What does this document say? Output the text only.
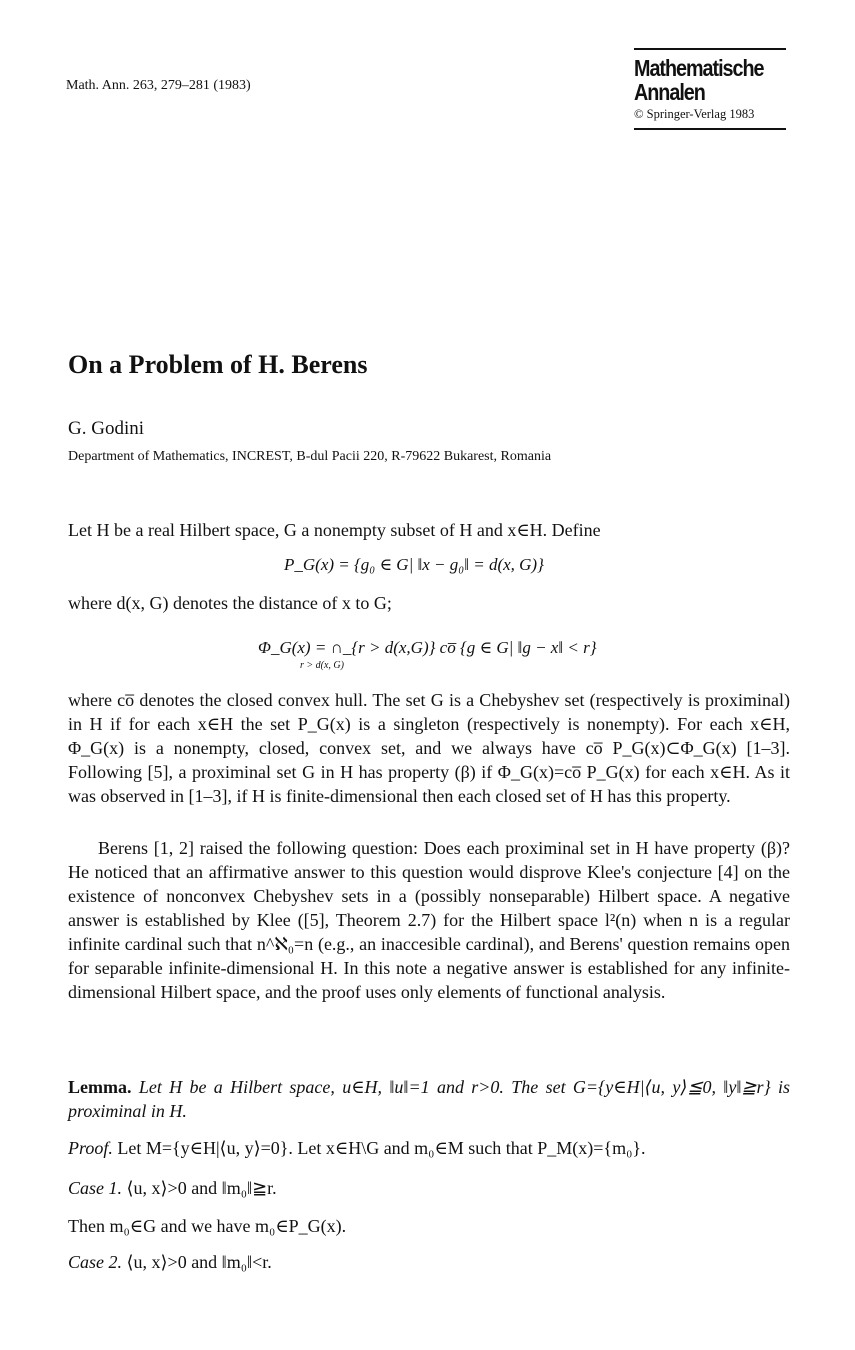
Math. Ann. 263, 279–281 (1983)
Mathematische
Annalen
© Springer-Verlag 1983
On a Problem of H. Berens
G. Godini
Department of Mathematics, INCREST, B-dul Pacii 220, R-79622 Bukarest, Romania
Let H be a real Hilbert space, G a nonempty subset of H and x∈H. Define
P_G(x) = {g₀ ∈ G| ‖x − g₀‖ = d(x, G)}
where d(x, G) denotes the distance of x to G;
Φ_G(x) = ∩_{r > d(x,G)} co̅ {g ∈ G| ‖g − x‖ < r}
r > d(x, G)

where co̅ denotes the closed convex hull. The set G is a Chebyshev set (respectively is proximinal) in H if for each x∈H the set P_G(x) is a singleton (respectively is nonempty). For each x∈H, Φ_G(x) is a nonempty, closed, convex set, and we always have co̅ P_G(x)⊂Φ_G(x) [1–3]. Following [5], a proximinal set G in H has property (β) if Φ_G(x)=co̅ P_G(x) for each x∈H. As it was observed in [1–3], if H is finite-dimensional then each closed set of H has this property.

Berens [1, 2] raised the following question: Does each proximinal set in H have property (β)? He noticed that an affirmative answer to this question would disprove Klee's conjecture [4] on the existence of nonconvex Chebyshev sets in a (possibly nonseparable) Hilbert space. A negative answer is established by Klee ([5], Theorem 2.7) for the Hilbert space l²(n) when n is a regular infinite cardinal such that n^ℵ₀=n (e.g., an inaccesible cardinal), and Berens' question remains open for separable infinite-dimensional H. In this note a negative answer is established for any infinite-dimensional Hilbert space, and the proof uses only elements of functional analysis.

Lemma. Let H be a Hilbert space, u∈H, ‖u‖=1 and r>0. The set G={y∈H|⟨u, y⟩≦0, ‖y‖≧r} is proximinal in H.
Proof. Let M={y∈H|⟨u, y⟩=0}. Let x∈H\G and m₀∈M such that P_M(x)={m₀}.
Case 1. ⟨u, x⟩>0 and ‖m₀‖≧r.
Then m₀∈G and we have m₀∈P_G(x).
Case 2. ⟨u, x⟩>0 and ‖m₀‖<r.
